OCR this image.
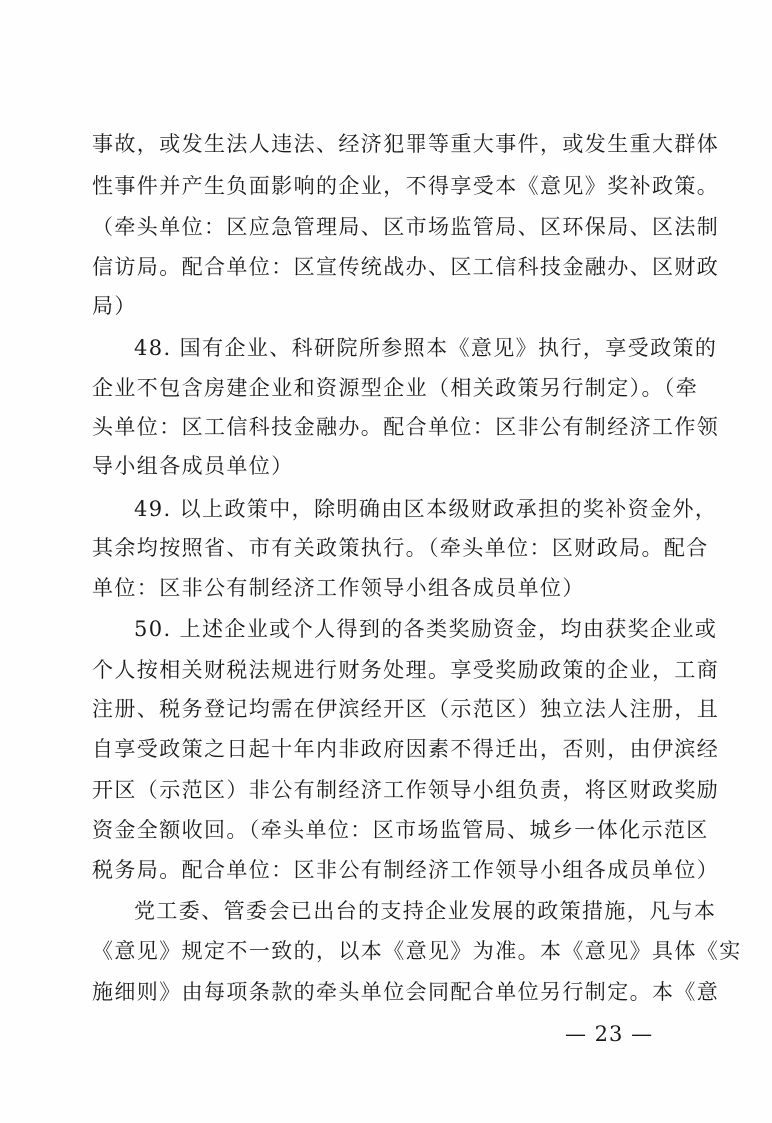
事故，或发生法人违法、经济犯罪等重大事件，或发生重大群体
性事件并产生负面影响的企业，不得享受本《意见》奖补政策。
（牵头单位：区应急管理局、区市场监管局、区环保局、区法制
信访局。配合单位：区宣传统战办、区工信科技金融办、区财政
局）
48. 国有企业、科研院所参照本《意见》执行，享受政策的
企业不包含房建企业和资源型企业（相关政策另行制定）。（牵
头单位：区工信科技金融办。配合单位：区非公有制经济工作领
导小组各成员单位）
49. 以上政策中，除明确由区本级财政承担的奖补资金外，
其余均按照省、市有关政策执行。（牵头单位：区财政局。配合
单位：区非公有制经济工作领导小组各成员单位）
50. 上述企业或个人得到的各类奖励资金，均由获奖企业或
个人按相关财税法规进行财务处理。享受奖励政策的企业，工商
注册、税务登记均需在伊滨经开区（示范区）独立法人注册，且
自享受政策之日起十年内非政府因素不得迁出，否则，由伊滨经
开区（示范区）非公有制经济工作领导小组负责，将区财政奖励
资金全额收回。（牵头单位：区市场监管局、城乡一体化示范区
税务局。配合单位：区非公有制经济工作领导小组各成员单位）
党工委、管委会已出台的支持企业发展的政策措施，凡与本
《意见》规定不一致的，以本《意见》为准。本《意见》具体《实
施细则》由每项条款的牵头单位会同配合单位另行制定。本《意
— 23 —
